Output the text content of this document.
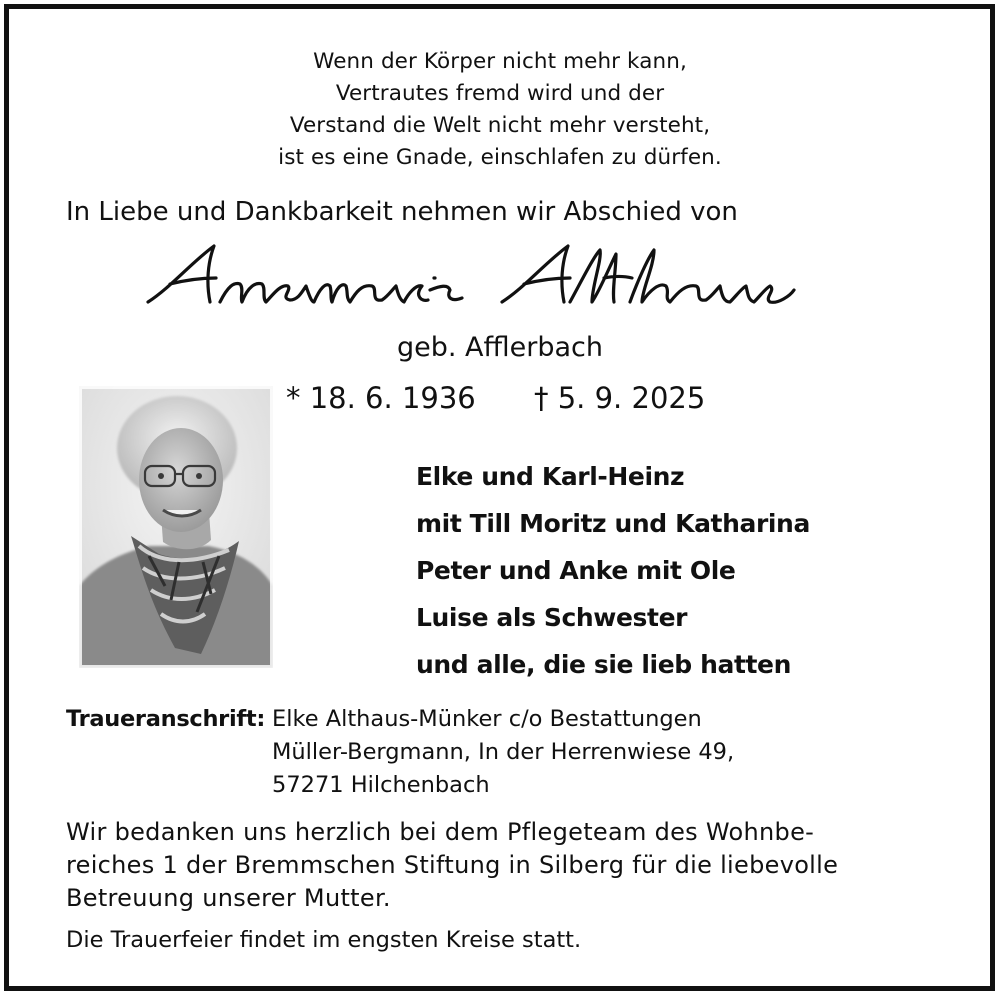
Wenn der Körper nicht mehr kann,
Vertrautes fremd wird und der
Verstand die Welt nicht mehr versteht,
ist es eine Gnade, einschlafen zu dürfen.
In Liebe und Dankbarkeit nehmen wir Abschied von
geb. Afflerbach
* 18. 6. 1936 † 5. 9. 2025
Elke und Karl-Heinz
mit Till Moritz und Katharina
Peter und Anke mit Ole
Luise als Schwester
und alle, die sie lieb hatten
Traueranschrift: Elke Althaus-Münker c/o Bestattungen
Müller-Bergmann, In der Herrenwiese 49,
57271 Hilchenbach
Wir bedanken uns herzlich bei dem Pflegeteam des Wohnbe-
reiches 1 der Bremmschen Stiftung in Silberg für die liebevolle
Betreuung unserer Mutter.
Die Trauerfeier findet im engsten Kreise statt.
